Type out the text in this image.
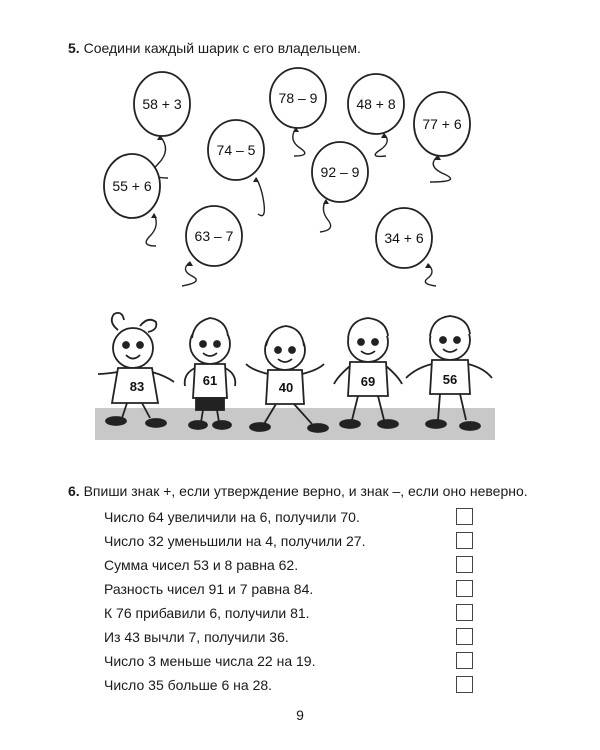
5. Соедини каждый шарик с его владельцем.
58 + 3	78 – 9	48 + 8
77 + 6
74 – 5
92 – 9
55 + 6
63 – 7	34 + 6
83	61	40	69	56
6. Впиши знак +, если утверждение верно, и знак –, если оно неверно.
Число 64 увеличили на 6, получили 70.
Число 32 уменьшили на 4, получили 27.
Сумма чисел 53 и 8 равна 62.
Разность чисел 91 и 7 равна 84.
К 76 прибавили 6, получили 81.
Из 43 вычли 7, получили 36.
Число 3 меньше числа 22 на 19.
Число 35 больше 6 на 28.
9
